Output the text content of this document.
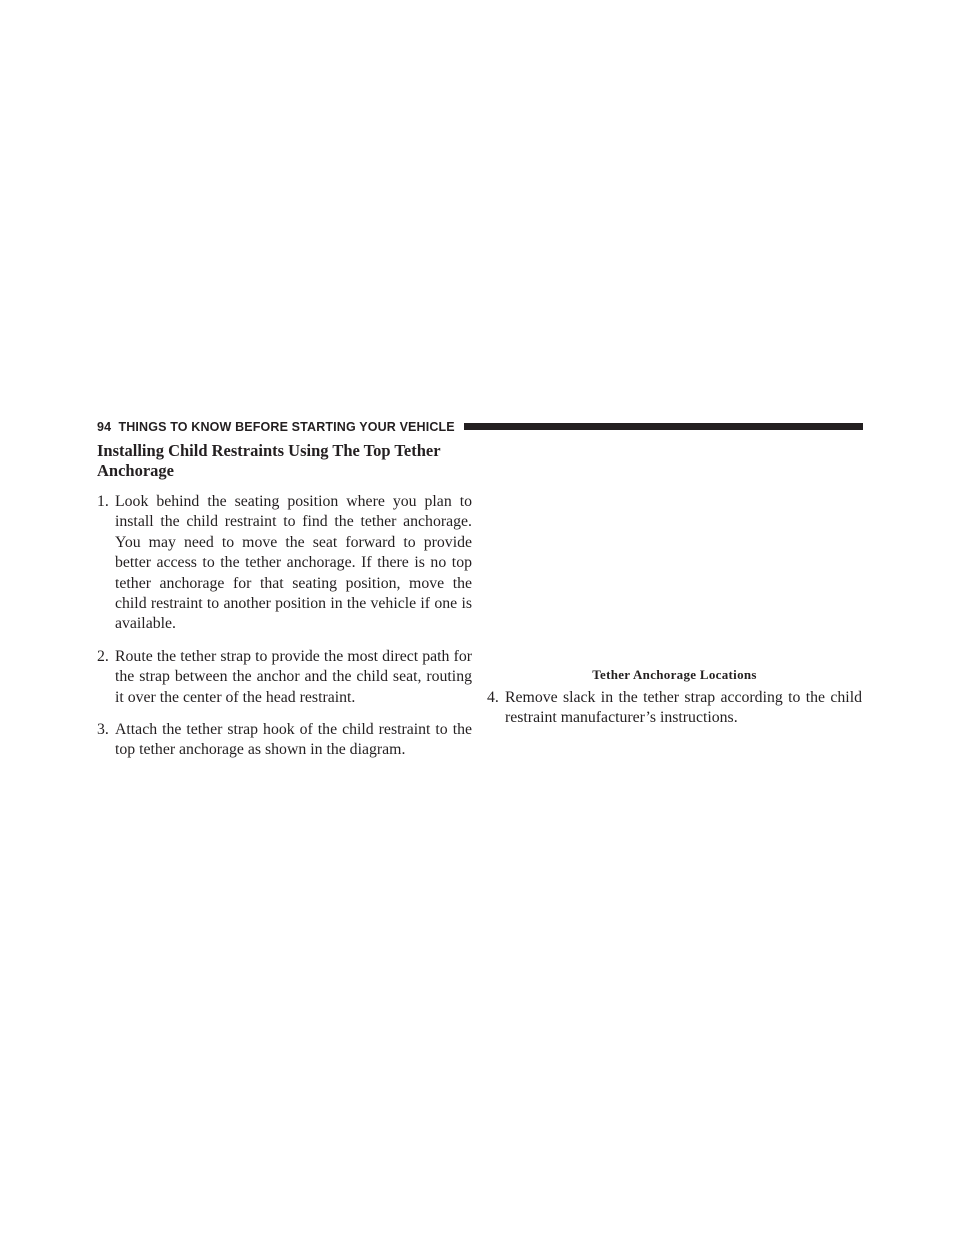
94 THINGS TO KNOW BEFORE STARTING YOUR VEHICLE
Installing Child Restraints Using The Top Tether Anchorage
1. Look behind the seating position where you plan to install the child restraint to find the tether anchorage. You may need to move the seat forward to provide better access to the tether anchorage. If there is no top tether anchorage for that seating position, move the child restraint to another position in the vehicle if one is available.
2. Route the tether strap to provide the most direct path for the strap between the anchor and the child seat, routing it over the center of the head restraint.
3. Attach the tether strap hook of the child restraint to the top tether anchorage as shown in the diagram.
Tether Anchorage Locations
4. Remove slack in the tether strap according to the child restraint manufacturer’s instructions.
